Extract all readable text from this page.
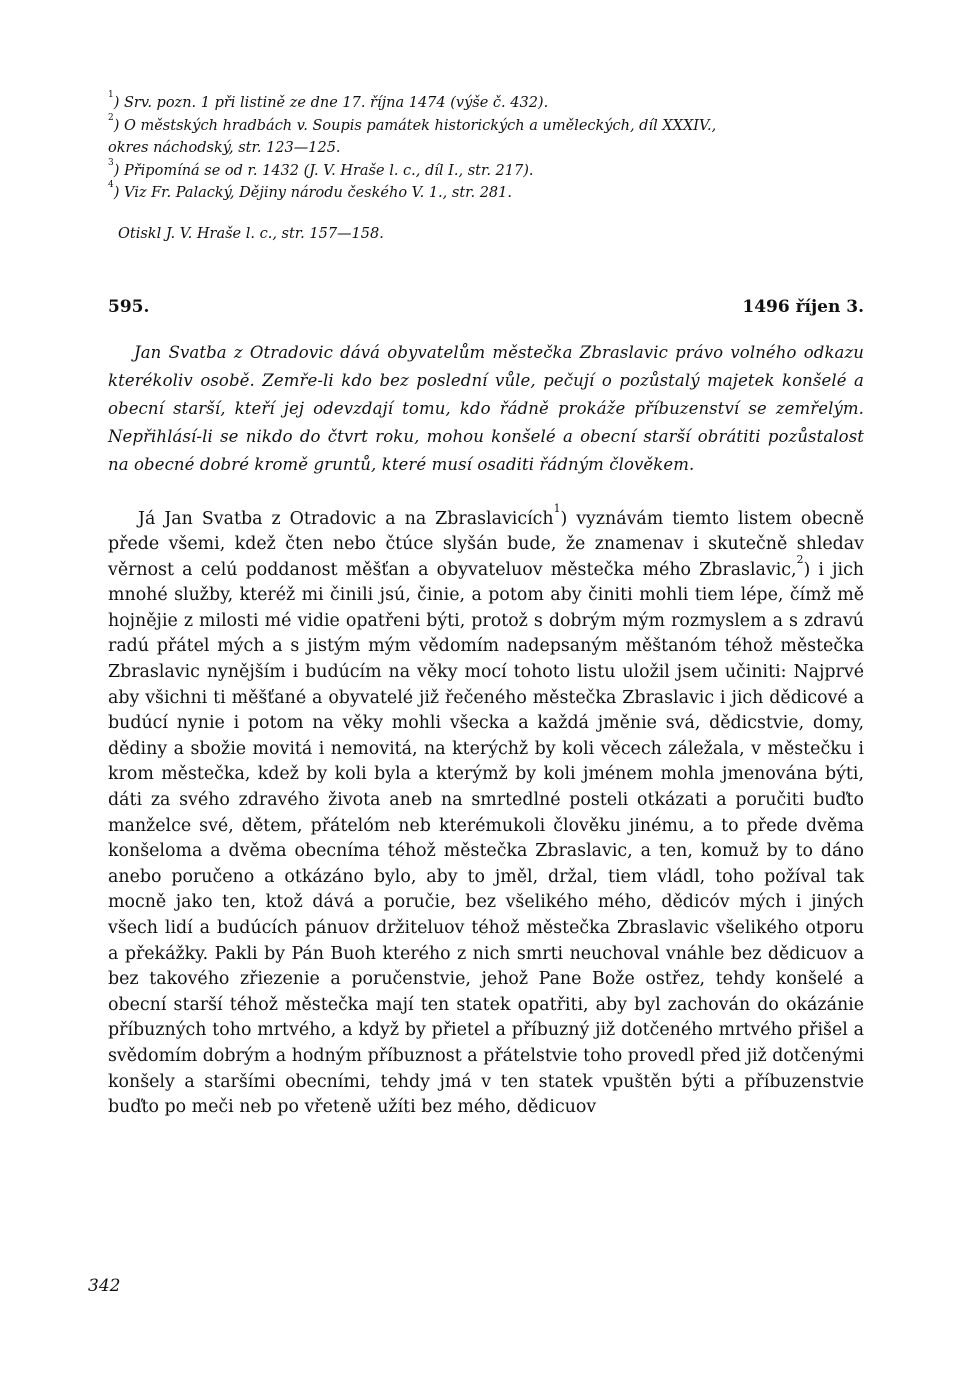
$^1$) Srv. pozn. 1 při listině ze dne 17. října 1474 (výše č. 432).

$^2$) O městských hradbách v. Soupis památek historických a uměleckých, díl XXXIV.,

okres náchodský, str. 123—125.

$^3$) Připomíná se od r. 1432 (J. V. Hraše l. c., díl I., str. 217).

$^4$) Viz Fr. Palacký, Dějiny národu českého V. 1., str. 281.

Otiskl J. V. Hraše l. c., str. 157—158.

595.	1496 říjen 3.

Jan Svatba z Otradovic dává obyvatelům městečka Zbraslavic právo volného odkazu kterékoliv osobě. Zemře-li kdo bez poslední vůle, pečují o pozůstalý majetek konšelé a obecní starší, kteří jej odevzdají tomu, kdo řádně prokáže příbuzenství se zemřelým. Nepřihlásí-li se nikdo do čtvrt roku, mohou konšelé a obecní starší obrátiti pozůstalost na obecné dobré kromě gruntů, které musí osaditi řádným člověkem.

Já Jan Svatba z Otradovic a na Zbraslavicích$^1$) vyznávám tiemto listem obecně přede všemi, kdež čten nebo čtúce slyšán bude, že znamenav i skutečně shledav věrnost a celú poddanost měšťan a obyvateluov městečka mého Zbraslavic,$^2$) i jich mnohé služby, kteréž mi činili jsú, činie, a potom aby činiti mohli tiem lépe, čímž mě hojnějie z milosti mé vidie opatřeni býti, protož s dobrým mým rozmyslem a s zdravú radú přátel mých a s jistým mým vědomím nadepsaným měštanóm téhož městečka Zbraslavic nynějším i budúcím na věky mocí tohoto listu uložil jsem učiniti: Najprvé aby všichni ti měšťané a obyvatelé již řečeného městečka Zbraslavic i jich dědicové a budúcí nynie i potom na věky mohli všecka a každá jměnie svá, dědicstvie, domy, dědiny a sbožie movitá i nemovitá, na kterýchž by koli věcech záležala, v městečku i krom městečka, kdež by koli byla a kterýmž by koli jménem mohla jmenována býti, dáti za svého zdravého života aneb na smrtedlné posteli otkázati a poručiti buďto manželce své, dětem, přátelóm neb kterémukoli člověku jinému, a to přede dvěma konšeloma a dvěma obecníma téhož městečka Zbraslavic, a ten, komuž by to dáno anebo poručeno a otkázáno bylo, aby to jměl, držal, tiem vládl, toho požíval tak mocně jako ten, ktož dává a poručie, bez všelikého mého, dědicóv mých i jiných všech lidí a budúcích pánuov držiteluov téhož městečka Zbraslavic všelikého otporu a překážky. Pakli by Pán Buoh kterého z nich smrti neuchoval vnáhle bez dědicuov a bez takového zřiezenie a poručenstvie, jehož Pane Bože ostřez, tehdy konšelé a obecní starší téhož městečka mají ten statek opatřiti, aby byl zachován do okázánie příbuzných toho mrtvého, a když by přietel a příbuzný již dotčeného mrtvého přišel a svědomím dobrým a hodným příbuznost a přátelstvie toho provedl před již dotčenými konšely a staršími obecními, tehdy jmá v ten statek vpuštěn býti a příbuzenstvie buďto po meči neb po vřeteně užíti bez mého, dědicuov

342
